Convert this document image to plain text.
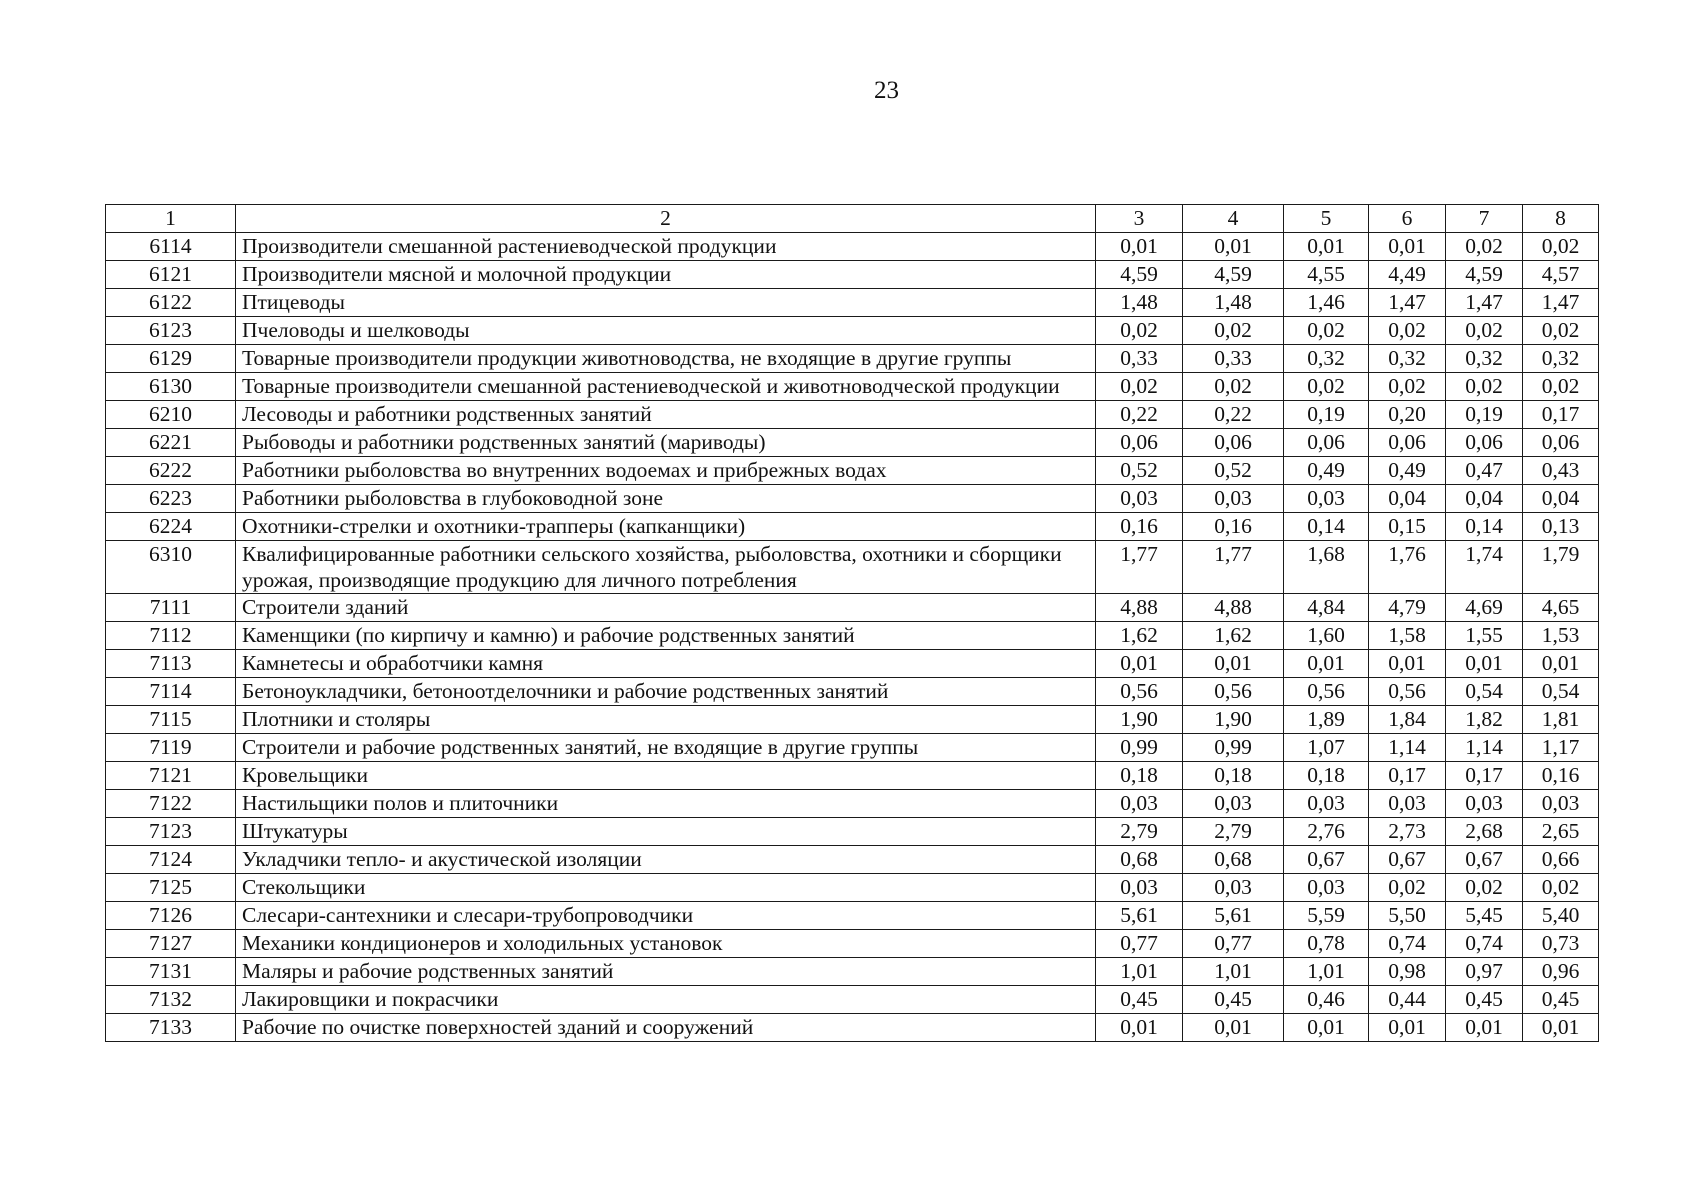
23
1	2	3	4	5	6	7	8
6114	Производители смешанной растениеводческой продукции	0,01	0,01	0,01	0,01	0,02	0,02
6121	Производители мясной и молочной продукции	4,59	4,59	4,55	4,49	4,59	4,57
6122	Птицеводы	1,48	1,48	1,46	1,47	1,47	1,47
6123	Пчеловоды и шелководы	0,02	0,02	0,02	0,02	0,02	0,02
6129	Товарные производители продукции животноводства, не входящие в другие группы	0,33	0,33	0,32	0,32	0,32	0,32
6130	Товарные производители смешанной растениеводческой и животноводческой продукции	0,02	0,02	0,02	0,02	0,02	0,02
6210	Лесоводы и работники родственных занятий	0,22	0,22	0,19	0,20	0,19	0,17
6221	Рыбоводы и работники родственных занятий (мариводы)	0,06	0,06	0,06	0,06	0,06	0,06
6222	Работники рыболовства во внутренних водоемах и прибрежных водах	0,52	0,52	0,49	0,49	0,47	0,43
6223	Работники рыболовства в глубоководной зоне	0,03	0,03	0,03	0,04	0,04	0,04
6224	Охотники-стрелки и охотники-трапперы (капканщики)	0,16	0,16	0,14	0,15	0,14	0,13
6310	Квалифицированные работники сельского хозяйства, рыболовства, охотники и сборщики урожая, производящие продукцию для личного потребления	1,77	1,77	1,68	1,76	1,74	1,79
7111	Строители зданий	4,88	4,88	4,84	4,79	4,69	4,65
7112	Каменщики (по кирпичу и камню) и рабочие родственных занятий	1,62	1,62	1,60	1,58	1,55	1,53
7113	Камнетесы и обработчики камня	0,01	0,01	0,01	0,01	0,01	0,01
7114	Бетоноукладчики, бетоноотделочники и рабочие родственных занятий	0,56	0,56	0,56	0,56	0,54	0,54
7115	Плотники и столяры	1,90	1,90	1,89	1,84	1,82	1,81
7119	Строители и рабочие родственных занятий, не входящие в другие группы	0,99	0,99	1,07	1,14	1,14	1,17
7121	Кровельщики	0,18	0,18	0,18	0,17	0,17	0,16
7122	Настильщики полов и плиточники	0,03	0,03	0,03	0,03	0,03	0,03
7123	Штукатуры	2,79	2,79	2,76	2,73	2,68	2,65
7124	Укладчики тепло- и акустической изоляции	0,68	0,68	0,67	0,67	0,67	0,66
7125	Стекольщики	0,03	0,03	0,03	0,02	0,02	0,02
7126	Слесари-сантехники и слесари-трубопроводчики	5,61	5,61	5,59	5,50	5,45	5,40
7127	Механики кондиционеров и холодильных установок	0,77	0,77	0,78	0,74	0,74	0,73
7131	Маляры и рабочие родственных занятий	1,01	1,01	1,01	0,98	0,97	0,96
7132	Лакировщики и покрасчики	0,45	0,45	0,46	0,44	0,45	0,45
7133	Рабочие по очистке поверхностей зданий и сооружений	0,01	0,01	0,01	0,01	0,01	0,01
